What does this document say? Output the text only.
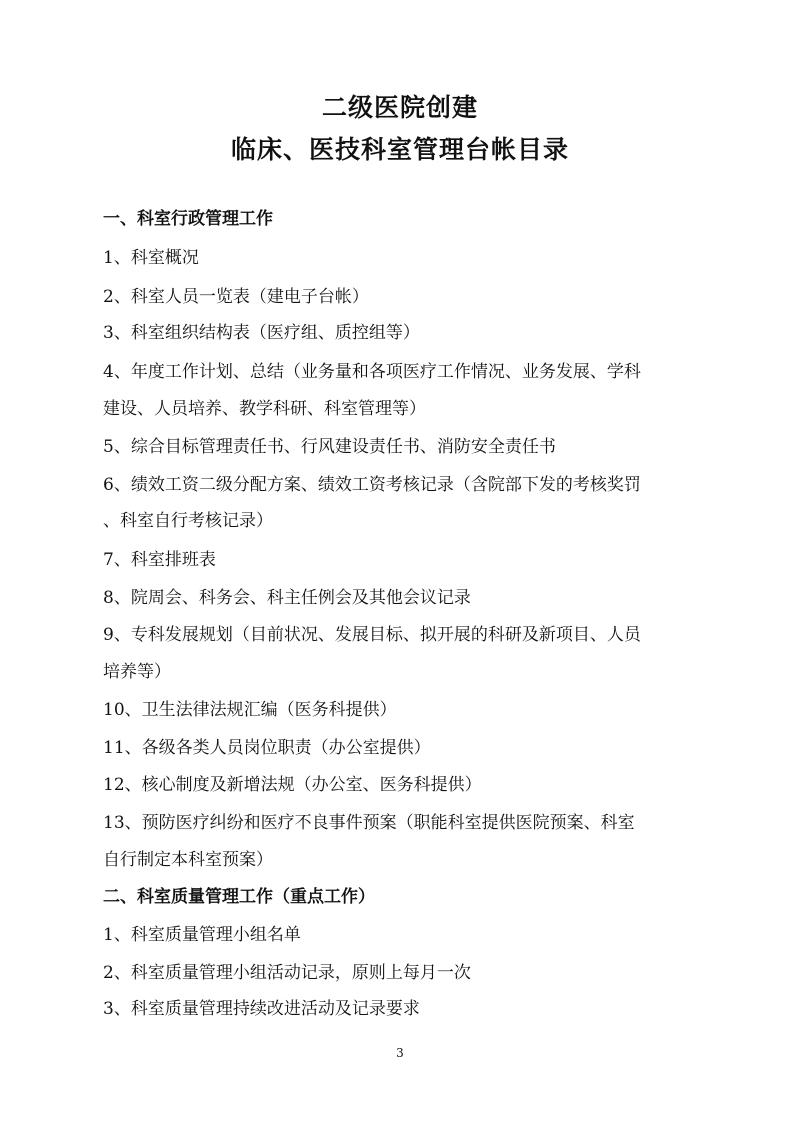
二级医院创建
临床、医技科室管理台帐目录
一、科室行政管理工作
1、科室概况
2、科室人员一览表（建电子台帐）
3、科室组织结构表（医疗组、质控组等）
4、年度工作计划、总结（业务量和各项医疗工作情况、业务发展、学科
建设、人员培养、教学科研、科室管理等）
5、综合目标管理责任书、行风建设责任书、消防安全责任书
6、绩效工资二级分配方案、绩效工资考核记录（含院部下发的考核奖罚
、科室自行考核记录）
7、科室排班表
8、院周会、科务会、科主任例会及其他会议记录
9、专科发展规划（目前状况、发展目标、拟开展的科研及新项目、人员
培养等）
10、卫生法律法规汇编（医务科提供）
11、各级各类人员岗位职责（办公室提供）
12、核心制度及新增法规（办公室、医务科提供）
13、预防医疗纠纷和医疗不良事件预案（职能科室提供医院预案、科室
自行制定本科室预案）
二、科室质量管理工作（重点工作）
1、科室质量管理小组名单
2、科室质量管理小组活动记录，原则上每月一次
3、科室质量管理持续改进活动及记录要求
3
